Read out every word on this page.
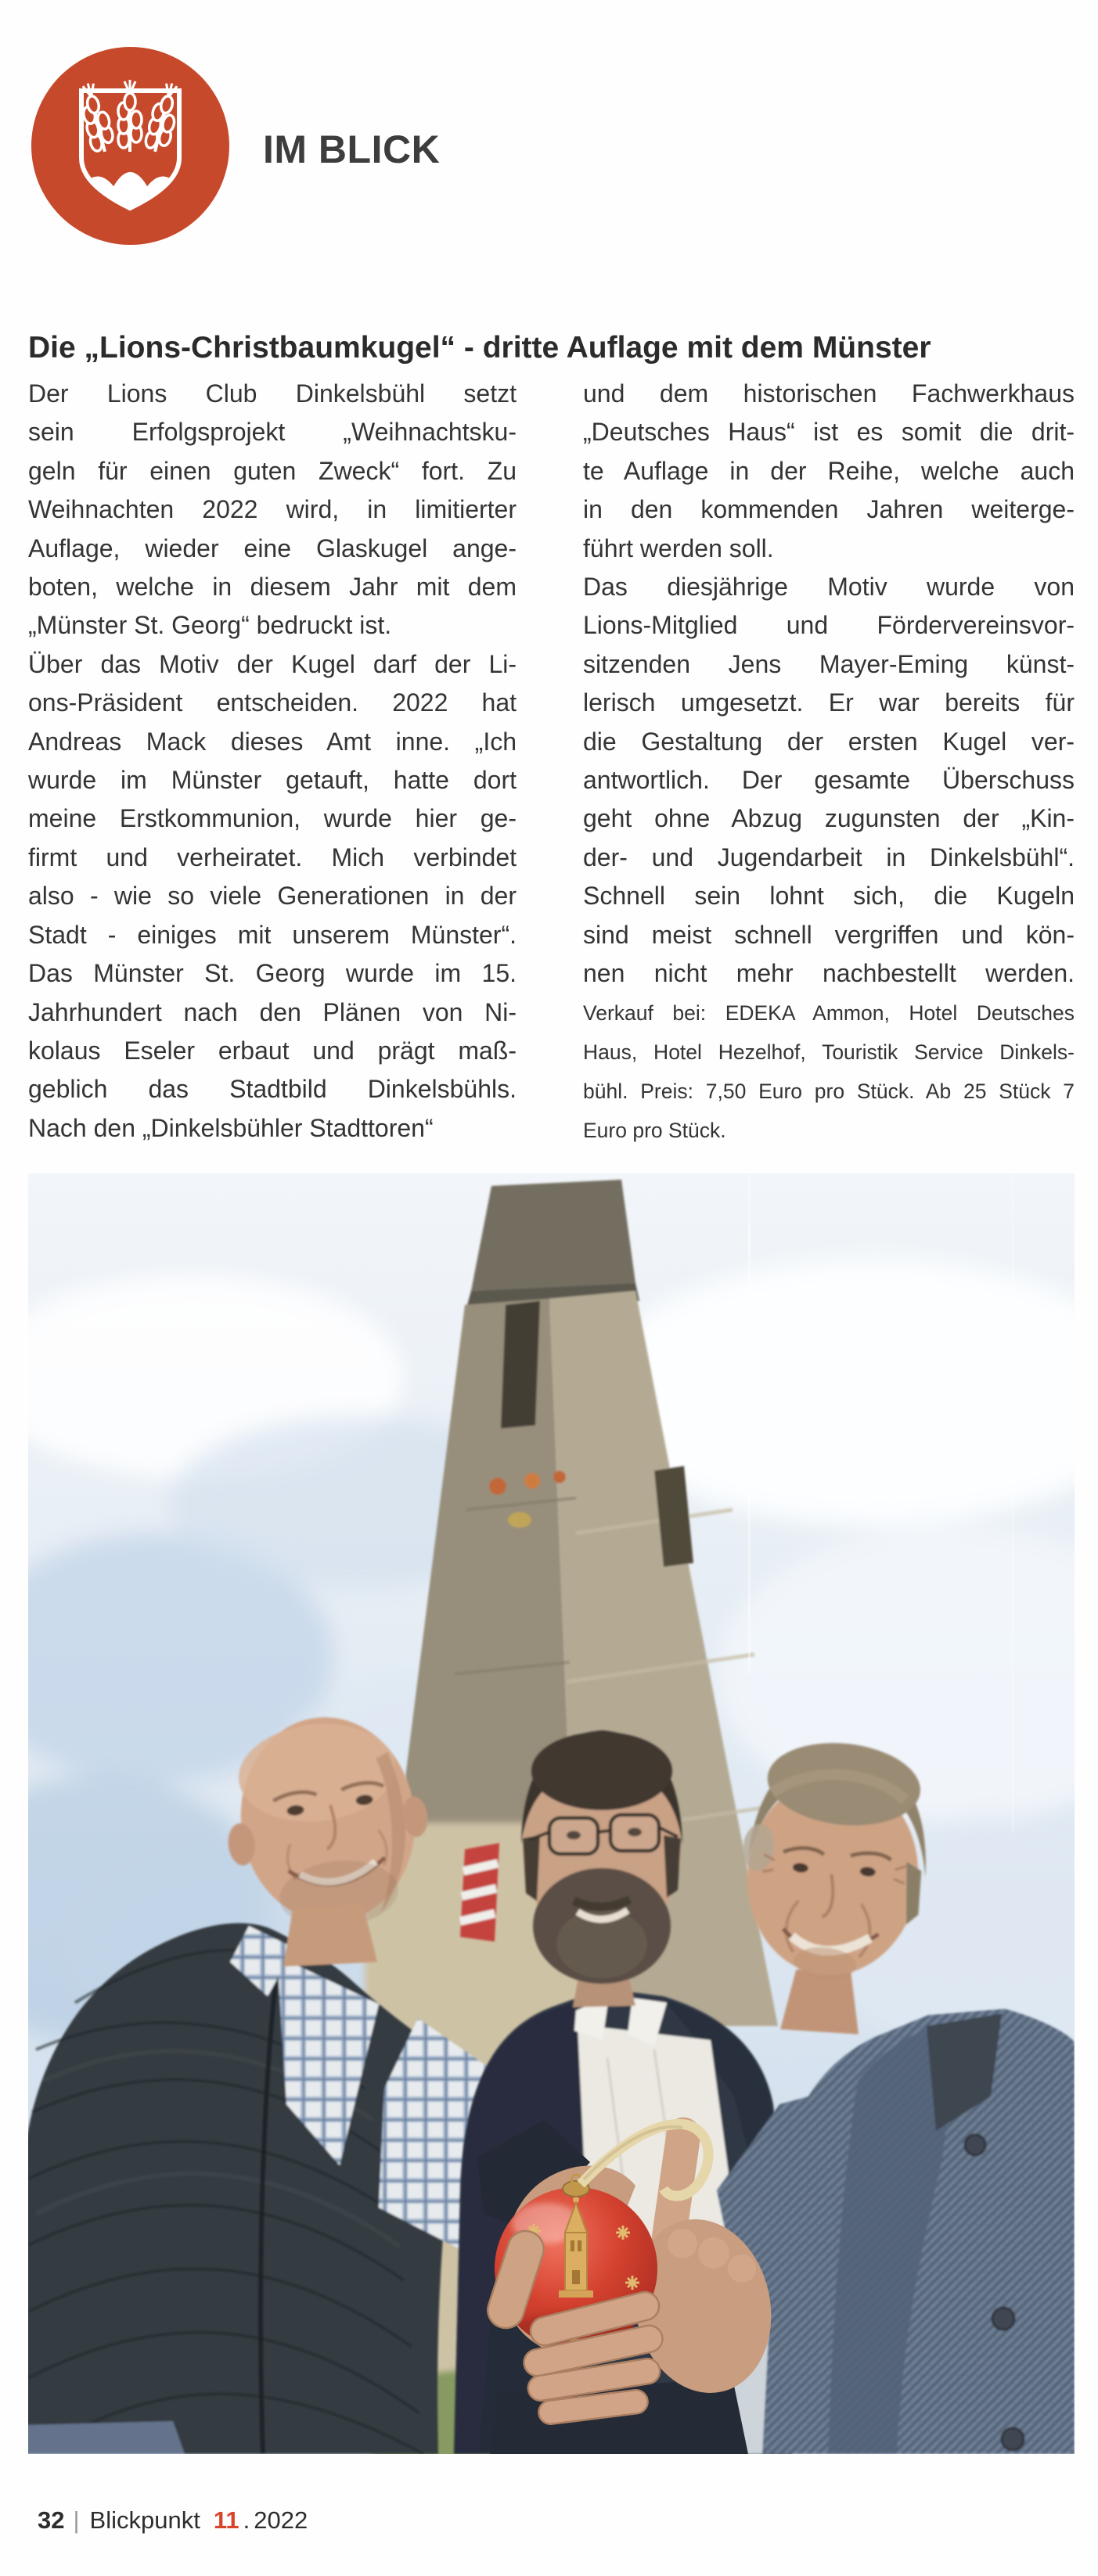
IM BLICK
Die „Lions-Christbaumkugel“ - dritte Auflage mit dem Münster
Der Lions Club Dinkelsbühl setzt
sein Erfolgsprojekt „Weihnachtsku-
geln für einen guten Zweck“ fort. Zu
Weihnachten 2022 wird, in limitierter
Auflage, wieder eine Glaskugel ange-
boten, welche in diesem Jahr mit dem
„Münster St. Georg“ bedruckt ist.
Über das Motiv der Kugel darf der Li-
ons-Präsident entscheiden. 2022 hat
Andreas Mack dieses Amt inne. „Ich
wurde im Münster getauft, hatte dort
meine Erstkommunion, wurde hier ge-
firmt und verheiratet. Mich verbindet
also - wie so viele Generationen in der
Stadt - einiges mit unserem Münster“.
Das Münster St. Georg wurde im 15.
Jahrhundert nach den Plänen von Ni-
kolaus Eseler erbaut und prägt maß-
geblich das Stadtbild Dinkelsbühls.
Nach den „Dinkelsbühler Stadttoren“
und dem historischen Fachwerkhaus
„Deutsches Haus“ ist es somit die drit-
te Auflage in der Reihe, welche auch
in den kommenden Jahren weiterge-
führt werden soll.
Das diesjährige Motiv wurde von
Lions-Mitglied und Fördervereinsvor-
sitzenden Jens Mayer-Eming künst-
lerisch umgesetzt. Er war bereits für
die Gestaltung der ersten Kugel ver-
antwortlich. Der gesamte Überschuss
geht ohne Abzug zugunsten der „Kin-
der- und Jugendarbeit in Dinkelsbühl“.
Schnell sein lohnt sich, die Kugeln
sind meist schnell vergriffen und kön-
nen nicht mehr nachbestellt werden.
Verkauf bei: EDEKA Ammon, Hotel Deutsches
Haus, Hotel Hezelhof, Touristik Service Dinkels-
bühl. Preis: 7,50 Euro pro Stück. Ab 25 Stück 7
Euro pro Stück.
32 | Blickpunkt 11 . 2022
